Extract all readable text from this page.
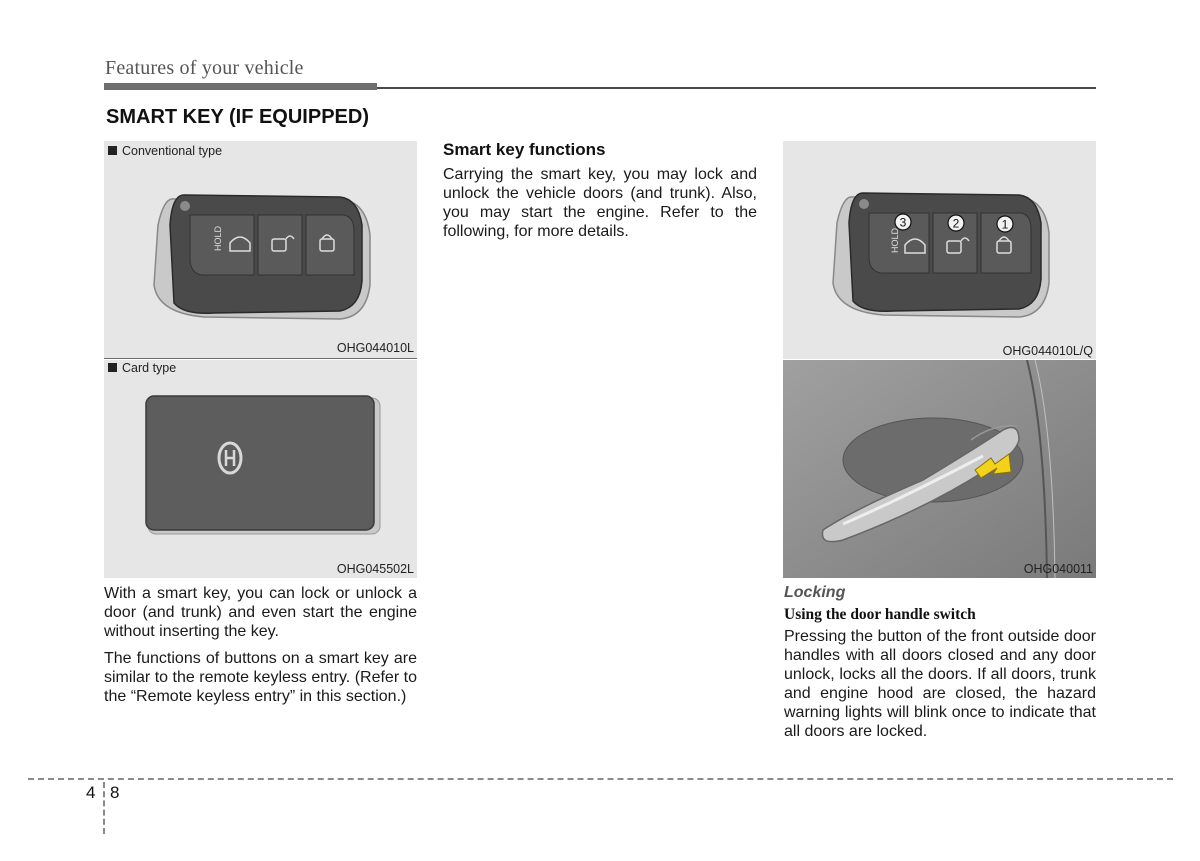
Features of your vehicle
SMART KEY (IF EQUIPPED)
Conventional type
HOLD
OHG044010L
Card type
OHG045502L

With a smart key, you can lock or unlock a door (and trunk) and even start the engine without inserting the key.

The functions of buttons on a smart key are similar to the remote keyless entry. (Refer to the “Remote keyless entry” in this section.)

Smart key functions

Carrying the smart key, you may lock and unlock the vehicle doors (and trunk). Also, you may start the engine. Refer to the following, for more details.	HOLD
3	2	1
OHG044010L/Q
OHG040011
Locking
Using the door handle switch

Pressing the button of the front outside door handles with all doors closed and any door unlock, locks all the doors. If all doors, trunk and engine hood are closed, the hazard warning lights will blink once to indicate that all doors are locked.

4 8
